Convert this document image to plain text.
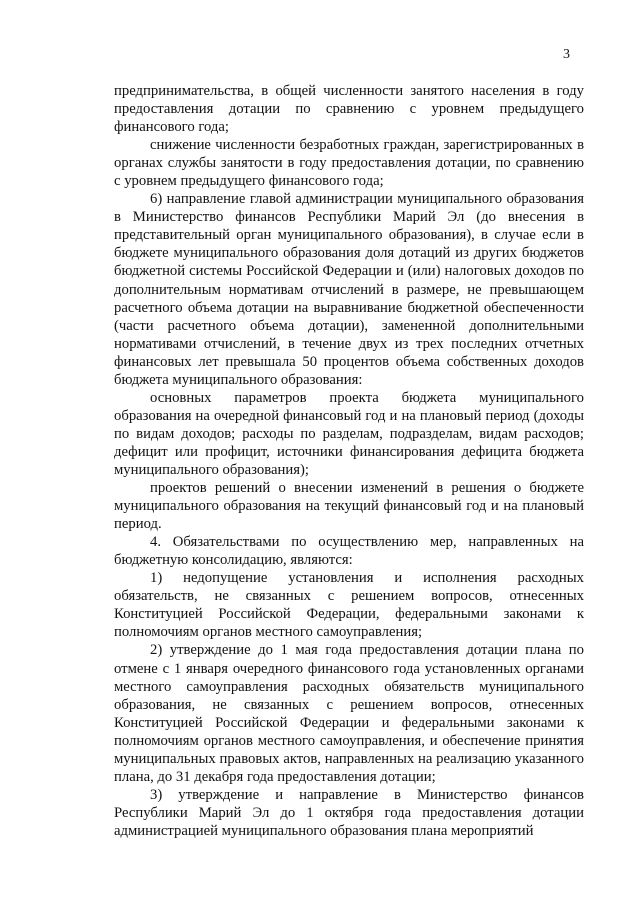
3

предпринимательства, в общей численности занятого населения в году предоставления дотации по сравнению с уровнем предыдущего финансового года;

снижение численности безработных граждан, зарегистрированных в органах службы занятости в году предоставления дотации, по сравнению с уровнем предыдущего финансового года;

6) направление главой администрации муниципального образования в Министерство финансов Республики Марий Эл (до внесения в представительный орган муниципального образования), в случае если в бюджете муниципального образования доля дотаций из других бюджетов бюджетной системы Российской Федерации и (или) налоговых доходов по дополнительным нормативам отчислений в размере, не превышающем расчетного объема дотации на выравнивание бюджетной обеспеченности (части расчетного объема дотации), замененной дополнительными нормативами отчислений, в течение двух из трех последних отчетных финансовых лет превышала 50 процентов объема собственных доходов бюджета муниципального образования:

основных параметров проекта бюджета муниципального образования на очередной финансовый год и на плановый период (доходы по видам доходов; расходы по разделам, подразделам, видам расходов; дефицит или профицит, источники финансирования дефицита бюджета муниципального образования);

проектов решений о внесении изменений в решения о бюджете муниципального образования на текущий финансовый год и на плановый период.

4. Обязательствами по осуществлению мер, направленных на бюджетную консолидацию, являются:

1) недопущение установления и исполнения расходных обязательств, не связанных с решением вопросов, отнесенных Конституцией Российской Федерации, федеральными законами к полномочиям органов местного самоуправления;

2) утверждение до 1 мая года предоставления дотации плана по отмене с 1 января очередного финансового года установленных органами местного самоуправления расходных обязательств муниципального образования, не связанных с решением вопросов, отнесенных Конституцией Российской Федерации и федеральными законами к полномочиям органов местного самоуправления, и обеспечение принятия муниципальных правовых актов, направленных на реализацию указанного плана, до 31 декабря года предоставления дотации;

3) утверждение и направление в Министерство финансов Республики Марий Эл до 1 октября года предоставления дотации администрацией муниципального образования плана мероприятий
